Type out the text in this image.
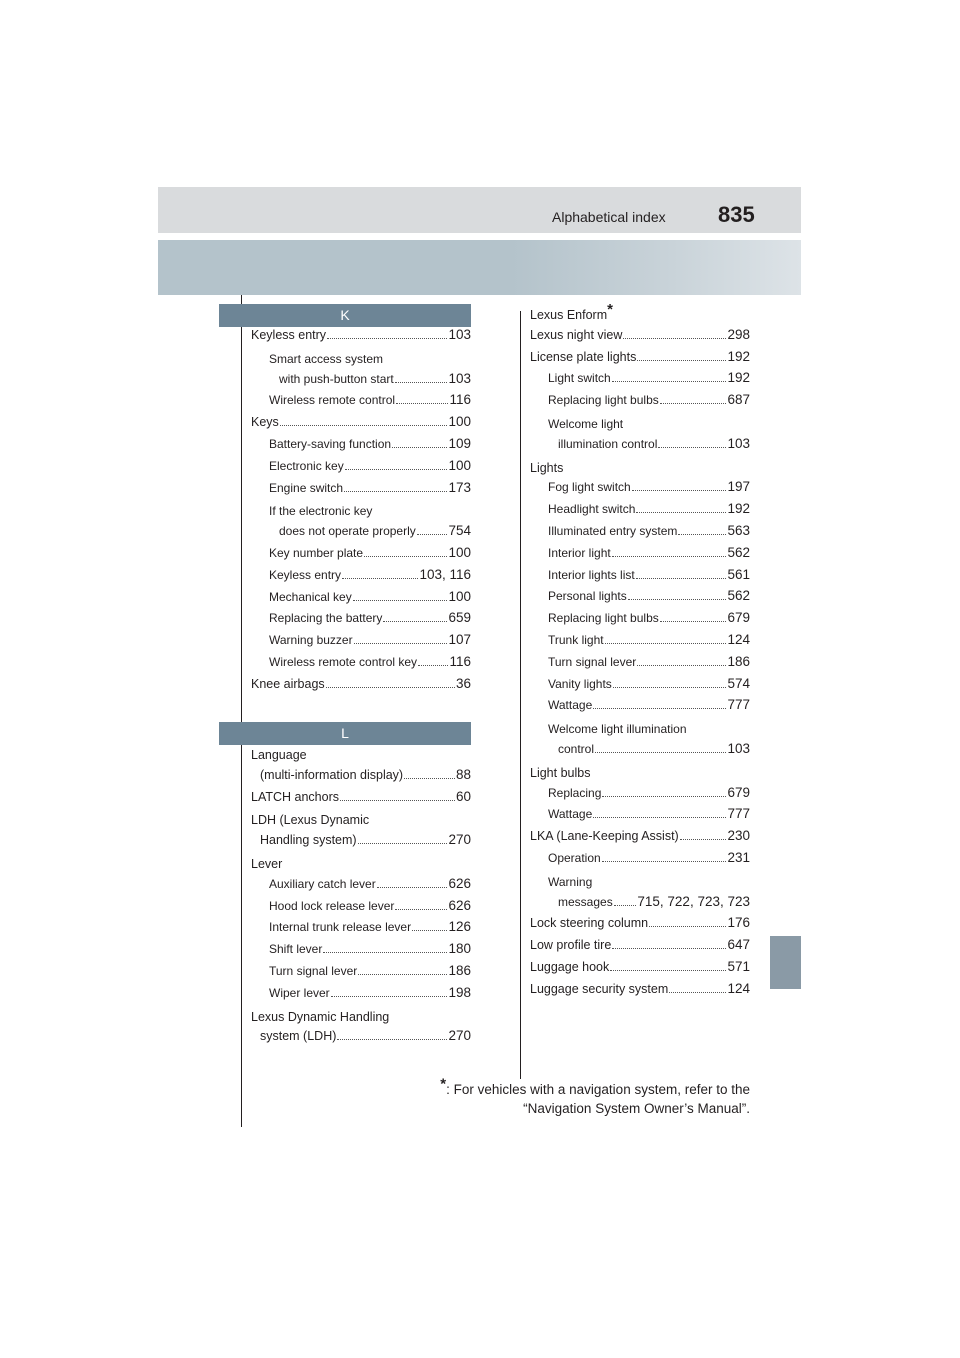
Alphabetical index 835
K
Keyless entry	103
Smart access system
with push-button start	103
Wireless remote control	116
Keys	100
Battery-saving function	109
Electronic key	100
Engine switch	173
If the electronic key
does not operate properly 754
Key number plate	100
Keyless entry	103, 116
Mechanical key	100
Replacing the battery	659
Warning buzzer	107
Wireless remote control key 116
Knee airbags	36
L
Language
(multi-information display)	88
LATCH anchors	60
LDH (Lexus Dynamic
Handling system)	270
Lever
Auxiliary catch lever	626
Hood lock release lever	626
Internal trunk release lever	126
Shift lever	180
Turn signal lever	186
Wiper lever	198
Lexus Dynamic Handling
system (LDH)	270
Lexus Enform*
Lexus night view	298
License plate lights	192
Light switch	192
Replacing light bulbs	687
Welcome light
illumination control	103
Lights
Fog light switch	197
Headlight switch	192
Illuminated entry system	563
Interior light	562
Interior lights list	561
Personal lights	562
Replacing light bulbs	679
Trunk light	124
Turn signal lever	186
Vanity lights	574
Wattage	777
Welcome light illumination
control	103
Light bulbs
Replacing	679
Wattage	777
LKA (Lane-Keeping Assist)	230
Operation	231
Warning
messages 715, 722, 723, 723
Lock steering column	176
Low profile tire	647
Luggage hook	571
Luggage security system	124
*: For vehicles with a navigation system, refer to the
“Navigation System Owner’s Manual”.
